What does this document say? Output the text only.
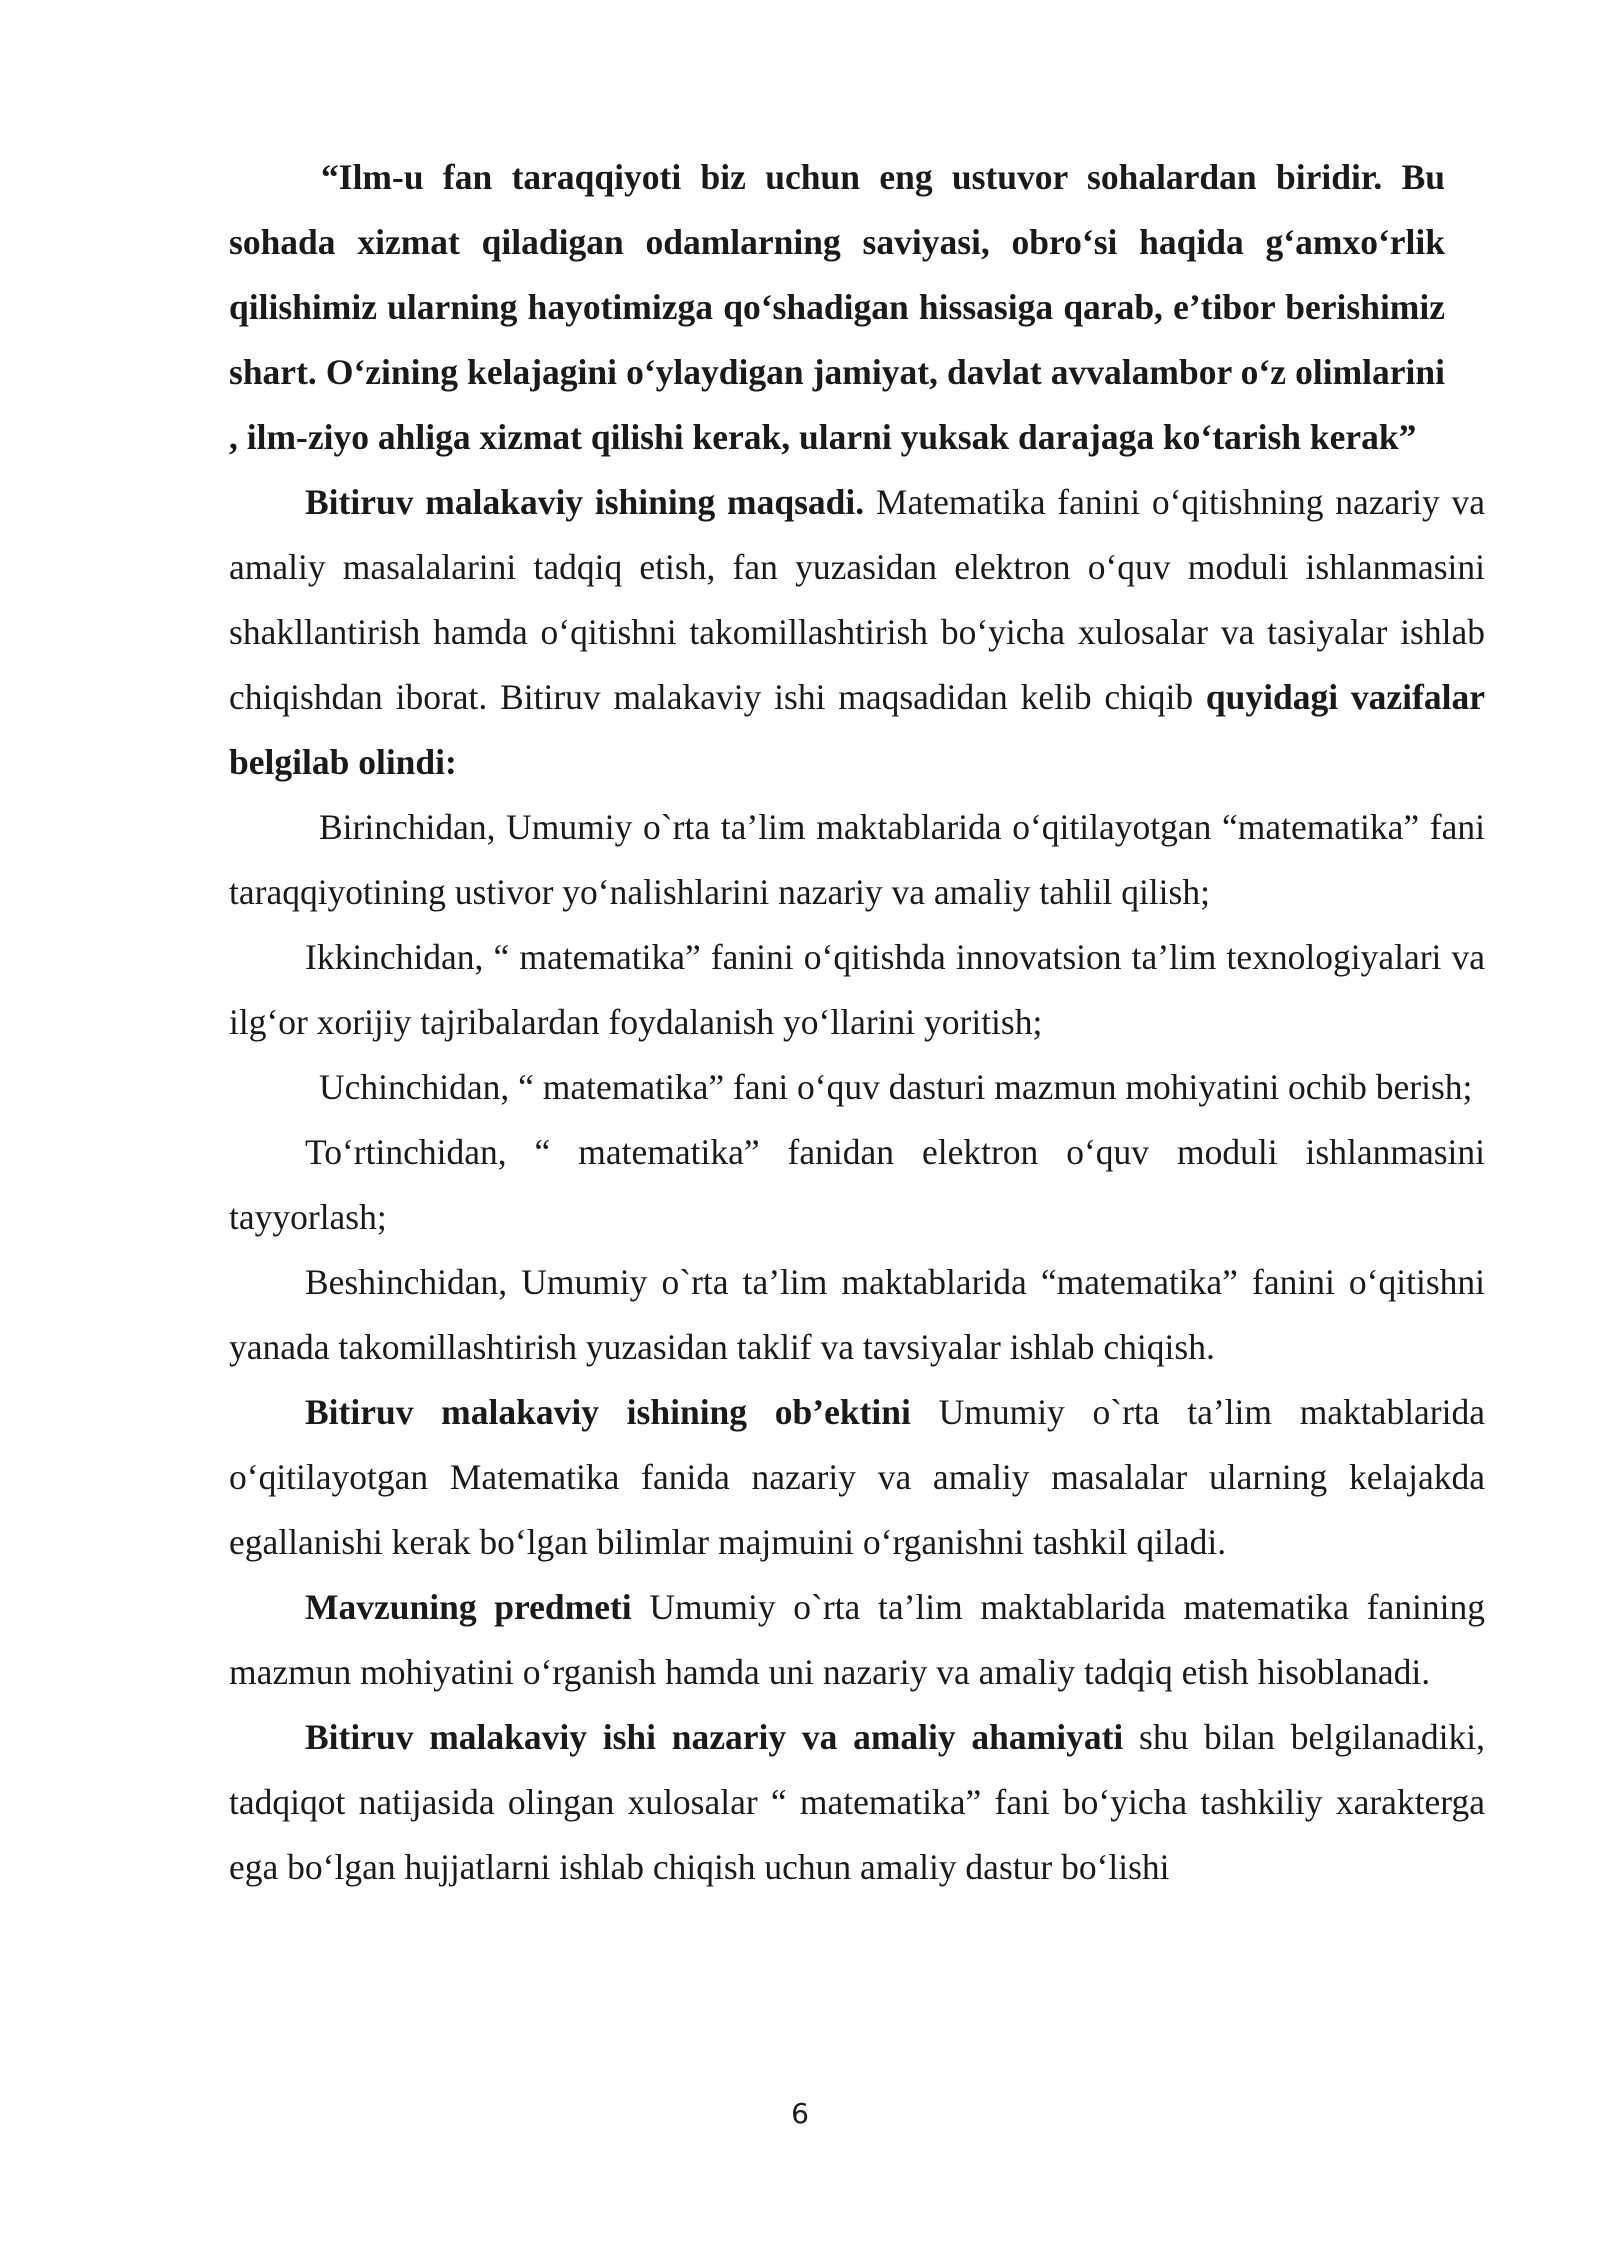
“Ilm-u fan taraqqiyoti biz uchun eng ustuvor sohalardan biridir. Bu sohada xizmat qiladigan odamlarning saviyasi, obro‘si haqida g‘amxo‘rlik qilishimiz ularning hayotimizga qo‘shadigan hissasiga qarab, e’tibor berishimiz shart. O‘zining kelajagini o‘ylaydigan jamiyat, davlat avvalambor o‘z olimlarini , ilm-ziyo ahliga xizmat qilishi kerak, ularni yuksak darajaga ko‘tarish kerak”

Bitiruv malakaviy ishining maqsadi. Matematika fanini o‘qitishning nazariy va amaliy masalalarini tadqiq etish, fan yuzasidan elektron o‘quv moduli ishlanmasini shakllantirish hamda o‘qitishni takomillashtirish bo‘yicha xulosalar va tasiyalar ishlab chiqishdan iborat. Bitiruv malakaviy ishi maqsadidan kelib chiqib quyidagi vazifalar belgilab olindi:

Birinchidan, Umumiy o`rta ta’lim maktablarida o‘qitilayotgan “matematika” fani taraqqiyotining ustivor yo‘nalishlarini nazariy va amaliy tahlil qilish;

Ikkinchidan, “ matematika” fanini o‘qitishda innovatsion ta’lim texnologiyalari va ilg‘or xorijiy tajribalardan foydalanish yo‘llarini yoritish;

Uchinchidan, “ matematika” fani o‘quv dasturi mazmun mohiyatini ochib berish;

To‘rtinchidan, “ matematika” fanidan elektron o‘quv moduli ishlanmasini tayyorlash;

Beshinchidan, Umumiy o`rta ta’lim maktablarida “matematika” fanini o‘qitishni yanada takomillashtirish yuzasidan taklif va tavsiyalar ishlab chiqish.

Bitiruv malakaviy ishining ob’ektini Umumiy o`rta ta’lim maktablarida o‘qitilayotgan Matematika fanida nazariy va amaliy masalalar ularning kelajakda egallanishi kerak bo‘lgan bilimlar majmuini o‘rganishni tashkil qiladi.

Mavzuning predmeti Umumiy o`rta ta’lim maktablarida matematika fanining mazmun mohiyatini o‘rganish hamda uni nazariy va amaliy tadqiq etish hisoblanadi.

Bitiruv malakaviy ishi nazariy va amaliy ahamiyati shu bilan belgilanadiki, tadqiqot natijasida olingan xulosalar “ matematika” fani bo‘yicha tashkiliy xarakterga ega bo‘lgan hujjatlarni ishlab chiqish uchun amaliy dastur bo‘lishi

6
